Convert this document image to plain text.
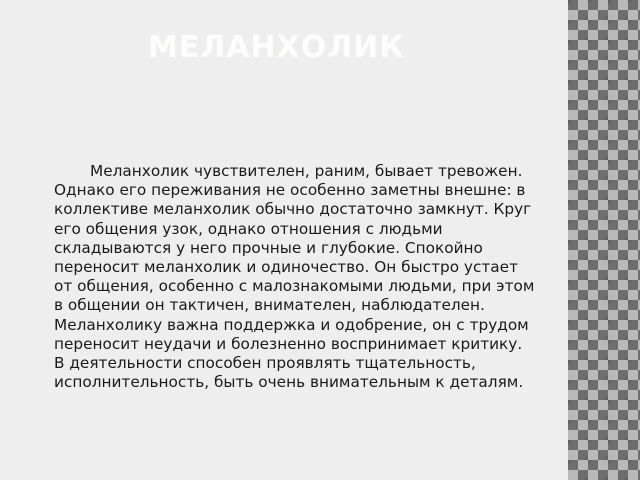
МЕЛАНХОЛИК

Меланхолик чувствителен, раним, бывает тревожен. Однако его переживания не особенно заметны внешне: в коллективе меланхолик обычно достаточно замкнут. Круг его общения узок, однако отношения с людьми складываются у него прочные и глубокие. Спокойно переносит меланхолик и одиночество. Он быстро устает от общения, особенно с малознакомыми людьми, при этом в общении он тактичен, внимателен, наблюдателен. Меланхолику важна поддержка и одобрение, он с трудом переносит неудачи и болезненно воспринимает критику. В деятельности способен проявлять тщательность, исполнительность, быть очень внимательным к деталям.
